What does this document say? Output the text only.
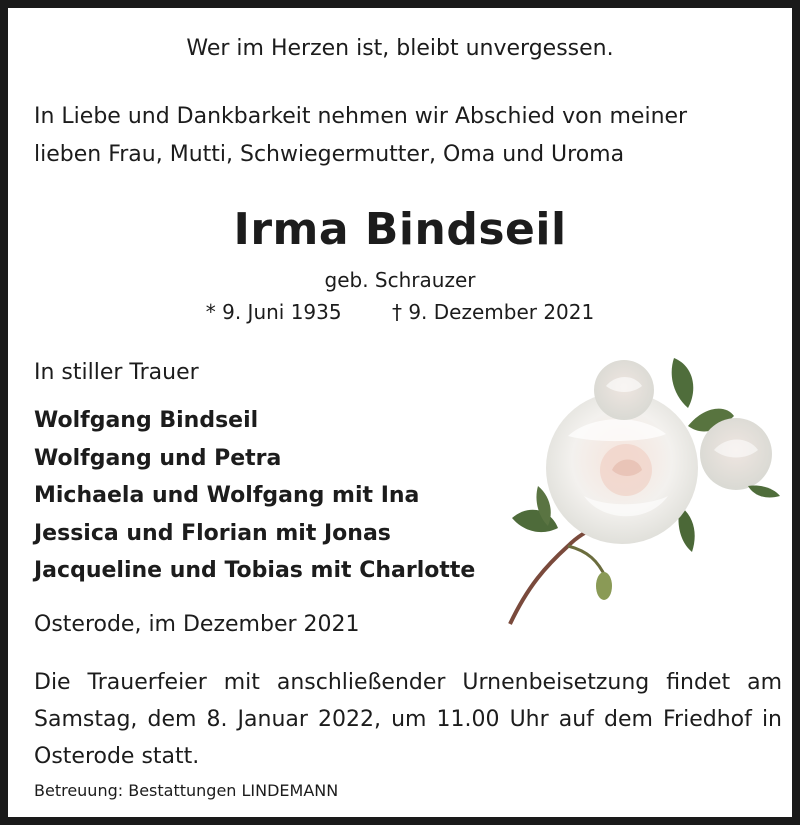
Wer im Herzen ist, bleibt unvergessen.
In Liebe und Dankbarkeit nehmen wir Abschied von meiner
lieben Frau, Mutti, Schwiegermutter, Oma und Uroma
Irma Bindseil
geb. Schrauzer
* 9. Juni 1935	† 9. Dezember 2021
In stiller Trauer
Wolfgang Bindseil
Wolfgang und Petra
Michaela und Wolfgang mit Ina
Jessica und Florian mit Jonas
Jacqueline und Tobias mit Charlotte
Osterode, im Dezember 2021
Die Trauerfeier mit anschließender Urnenbeisetzung findet am Samstag, dem 8. Januar 2022, um 11.00 Uhr auf dem Friedhof in Osterode statt.
Betreuung: Bestattungen LINDEMANN
